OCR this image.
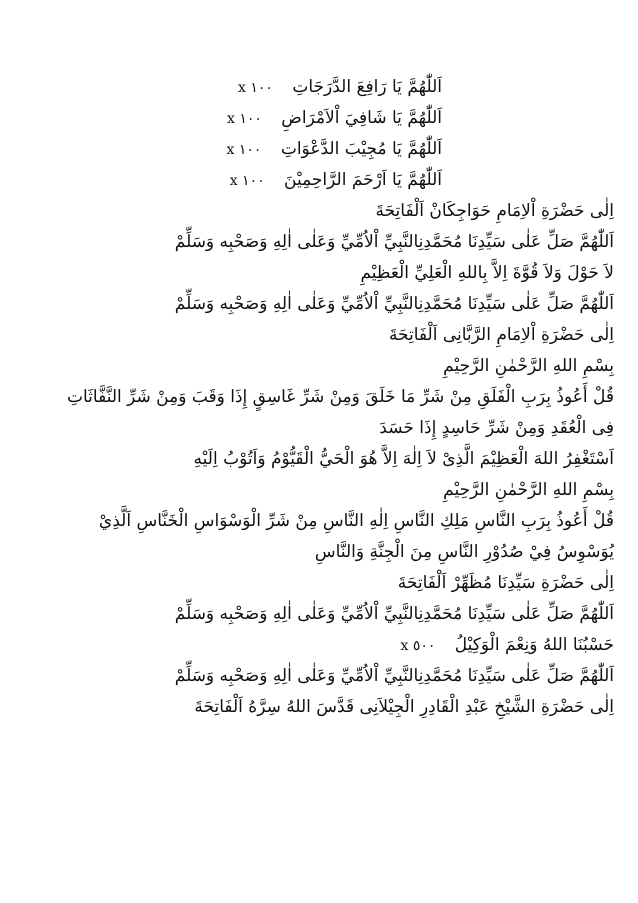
اَللّٰهُمَّ يَا رَافِعَ الدَّرَجَاتِ x ١٠٠
اَللّٰهُمَّ يَا شَافِيَ اْلاَمْرَاضِ x ١٠٠
اَللّٰهُمَّ يَا مُجِيْبَ الدَّعْوَاتِ x ١٠٠
اَللّٰهُمَّ يَا اَرْحَمَ الرَّاحِمِيْنَ x ١٠٠
اِلٰى حَضْرَةِ اْلاِمَامِ حَوَاجِكَانْ اَلْفَاتِحَةَ
اَللّٰهُمَّ صَلِّ عَلٰى سَيِّدِنَا مُحَمَّدِنِالنَّبِيِّ اْلاُمِّيِّ وَعَلٰى اٰلِهِ وَصَحْبِه وَسَلِّمْ
لاَ حَوْلَ وَلاَ قُوَّةَ اِلاَّ بِاللهِ الْعَلِيِّ الْعَظِيْمِ
اَللّٰهُمَّ صَلِّ عَلٰى سَيِّدِنَا مُحَمَّدِنِالنَّبِيِّ اْلاُمِّيِّ وَعَلٰى اٰلِهِ وَصَحْبِه وَسَلِّمْ
اِلٰى حَضْرَةِ اْلاِمَامِ الرَّبَّانِى اَلْفَاتِحَةَ
بِسْمِ اللهِ الرَّحْمٰنِ الرَّحِيْمِ
قُلْ أَعُوذُ بِرَبِ الْفَلَقِ مِنْ شَرِّ مَا خَلَقَ وَمِنْ شَرِّ غَاسِقٍ إِذَا وَقَبَ وَمِنْ شَرِّ النَّفَّاثَاتِ
فِى الْعُقَدِ وَمِنْ شَرِّ حَاسِدٍ إِذَا حَسَدَ
اَسْتَغْفِرُ اللهَ الْعَظِيْمَ الَّذِىْ لاَ اِلٰهَ اِلاَّ هُوَ الْحَيُّ الْقَيُّوْمُ وَاَتُوْبُ اِلَيْهِ
بِسْمِ اللهِ الرَّحْمٰنِ الرَّحِيْمِ
قُلْ أَعُوذُ بِرَبِ النَّاسِ مَلِكِ النَّاسِ اِلٰهِ النَّاسِ مِنْ شَرِّ الْوَسْوَاسِ الْخَنَّاسِ اَلَّذِيْ
يُوَسْوِسُ فِيْ صُدُوْرِ النَّاسِ مِنَ الْجِنَّةِ وَالنَّاسِ
اِلٰى حَضْرَةِ سَيِّدِنَا مُظَهِّرْ اَلْفَاتِحَةَ
اَللّٰهُمَّ صَلِّ عَلٰى سَيِّدِنَا مُحَمَّدِنِالنَّبِيِّ اْلاُمِّيِّ وَعَلٰى اٰلِهِ وَصَحْبِه وَسَلِّمْ
حَسْبُنَا اللهُ وَنِعْمَ الْوَكِيْلُ x ٥٠٠
اَللّٰهُمَّ صَلِّ عَلٰى سَيِّدِنَا مُحَمَّدِنِالنَّبِيِّ اْلاُمِّيِّ وَعَلٰى اٰلِهِ وَصَحْبِه وَسَلِّمْ
اِلٰى حَضْرَةِ الشَّيْخِ عَبْدِ الْقَادِرِ الْجِيْلاَنِى قَدَّسَ اللهُ سِرَّهُ اَلْفَاتِحَةَ
